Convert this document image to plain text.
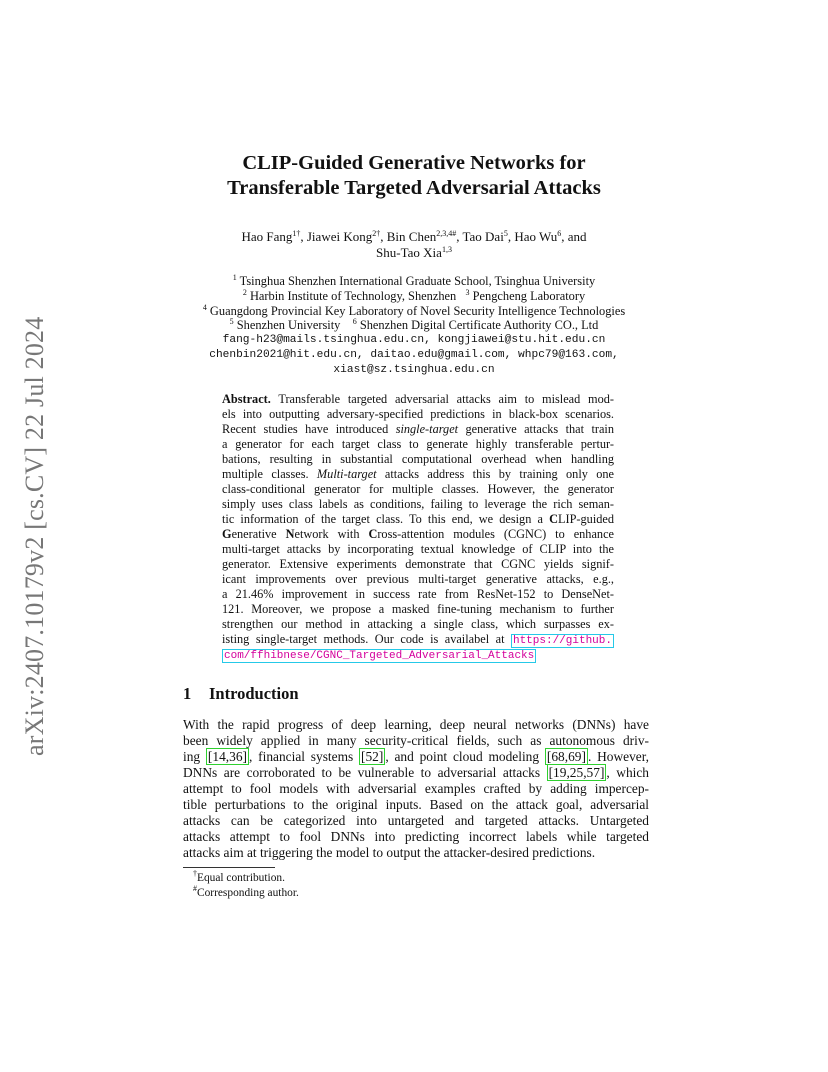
arXiv:2407.10179v2 [cs.CV] 22 Jul 2024
CLIP-Guided Generative Networks for
Transferable Targeted Adversarial Attacks
Hao Fang$^{1\dagger}$, Jiawei Kong$^{2\dagger}$, Bin Chen$^{2,3,4\#}$, Tao Dai$^5$, Hao Wu$^6$, and
Shu-Tao Xia$^{1,3}$
$^1$ Tsinghua Shenzhen International Graduate School, Tsinghua University
$^2$ Harbin Institute of Technology, Shenzhen $^3$ Pengcheng Laboratory
$^4$ Guangdong Provincial Key Laboratory of Novel Security Intelligence Technologies
$^5$ Shenzhen University $^6$ Shenzhen Digital Certificate Authority CO., Ltd
fang-h23@mails.tsinghua.edu.cn, kongjiawei@stu.hit.edu.cn
chenbin2021@hit.edu.cn, daitao.edu@gmail.com, whpc79@163.com,
xiast@sz.tsinghua.edu.cn
Abstract. Transferable targeted adversarial attacks aim to mislead mod-
els into outputting adversary-specified predictions in black-box scenarios.
Recent studies have introduced single-target generative attacks that train
a generator for each target class to generate highly transferable pertur-
bations, resulting in substantial computational overhead when handling
multiple classes. Multi-target attacks address this by training only one
class-conditional generator for multiple classes. However, the generator
simply uses class labels as conditions, failing to leverage the rich seman-
tic information of the target class. To this end, we design a CLIP-guided
Generative Network with Cross-attention modules (CGNC) to enhance
multi-target attacks by incorporating textual knowledge of CLIP into the
generator. Extensive experiments demonstrate that CGNC yields signif-
icant improvements over previous multi-target generative attacks, e.g.,
a 21.46% improvement in success rate from ResNet-152 to DenseNet-
121. Moreover, we propose a masked fine-tuning mechanism to further
strengthen our method in attacking a single class, which surpasses ex-
isting single-target methods. Our code is availabel at https://github.
com/ffhibnese/CGNC_Targeted_Adversarial_Attacks
1 Introduction
With the rapid progress of deep learning, deep neural networks (DNNs) have
been widely applied in many security-critical fields, such as autonomous driv-
ing [14,36] , financial systems [52] , and point cloud modeling [68,69] . However,
DNNs are corroborated to be vulnerable to adversarial attacks [19,25,57] , which
attempt to fool models with adversarial examples crafted by adding impercep-
tible perturbations to the original inputs. Based on the attack goal, adversarial
attacks can be categorized into untargeted and targeted attacks. Untargeted
attacks attempt to fool DNNs into predicting incorrect labels while targeted
attacks aim at triggering the model to output the attacker-desired predictions.
†Equal contribution.
#Corresponding author.
